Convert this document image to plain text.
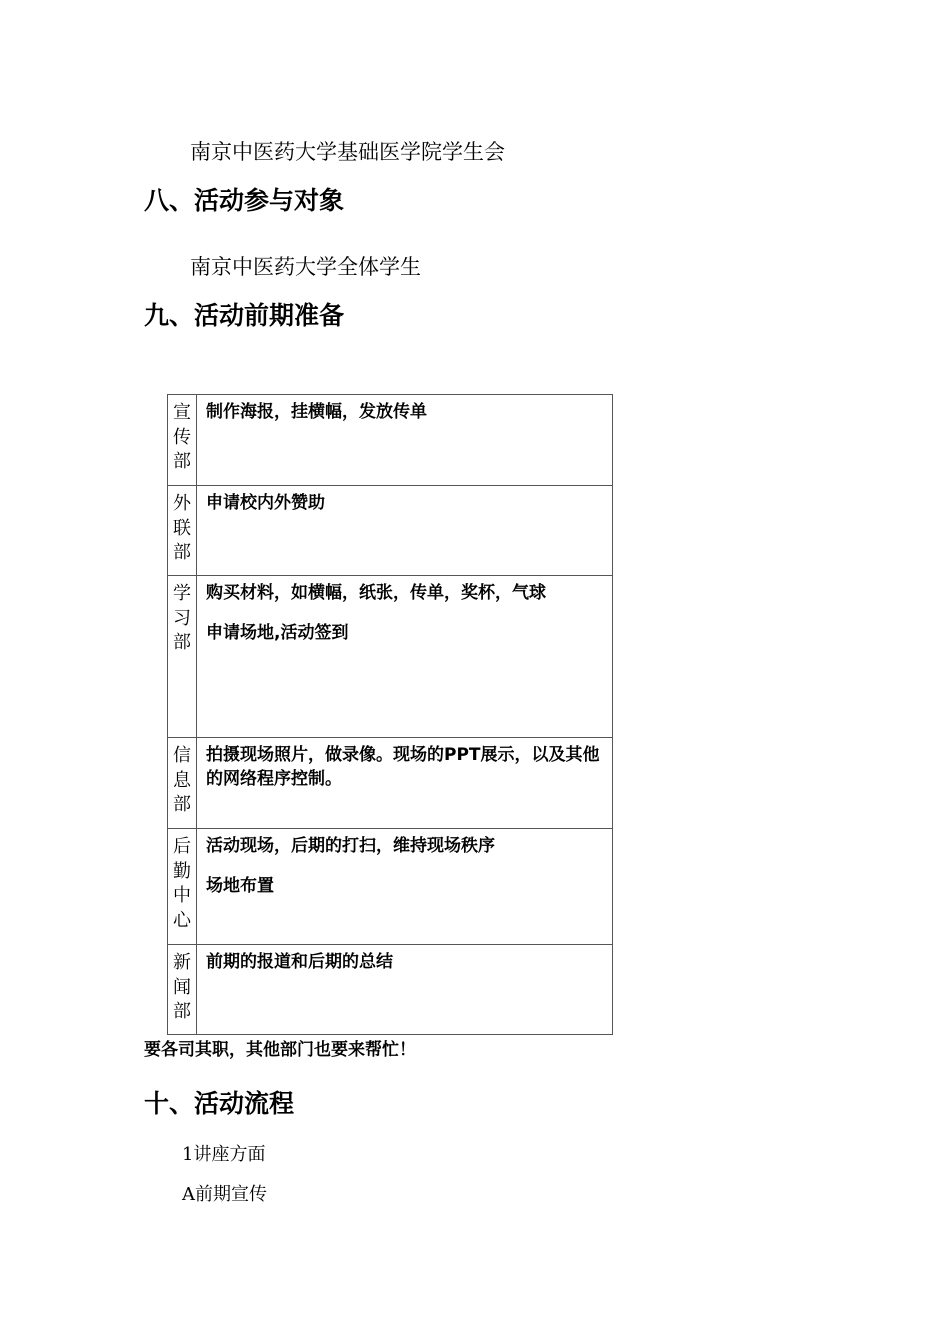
南京中医药大学基础医学院学生会
八、活动参与对象
南京中医药大学全体学生
九、活动前期准备
宣传部	制作海报，挂横幅，发放传单

外联部	申请校内外赞助

学习部	购买材料，如横幅，纸张，传单，奖杯，气球
申请场地,活动签到

信息部	拍摄现场照片，做录像。现场的PPT展示，以及其他的网络程序控制。

后勤中心	活动现场，后期的打扫，维持现场秩序
场地布置

新闻部	前期的报道和后期的总结
要各司其职，其他部门也要来帮忙！
十、活动流程
1讲座方面
A前期宣传
